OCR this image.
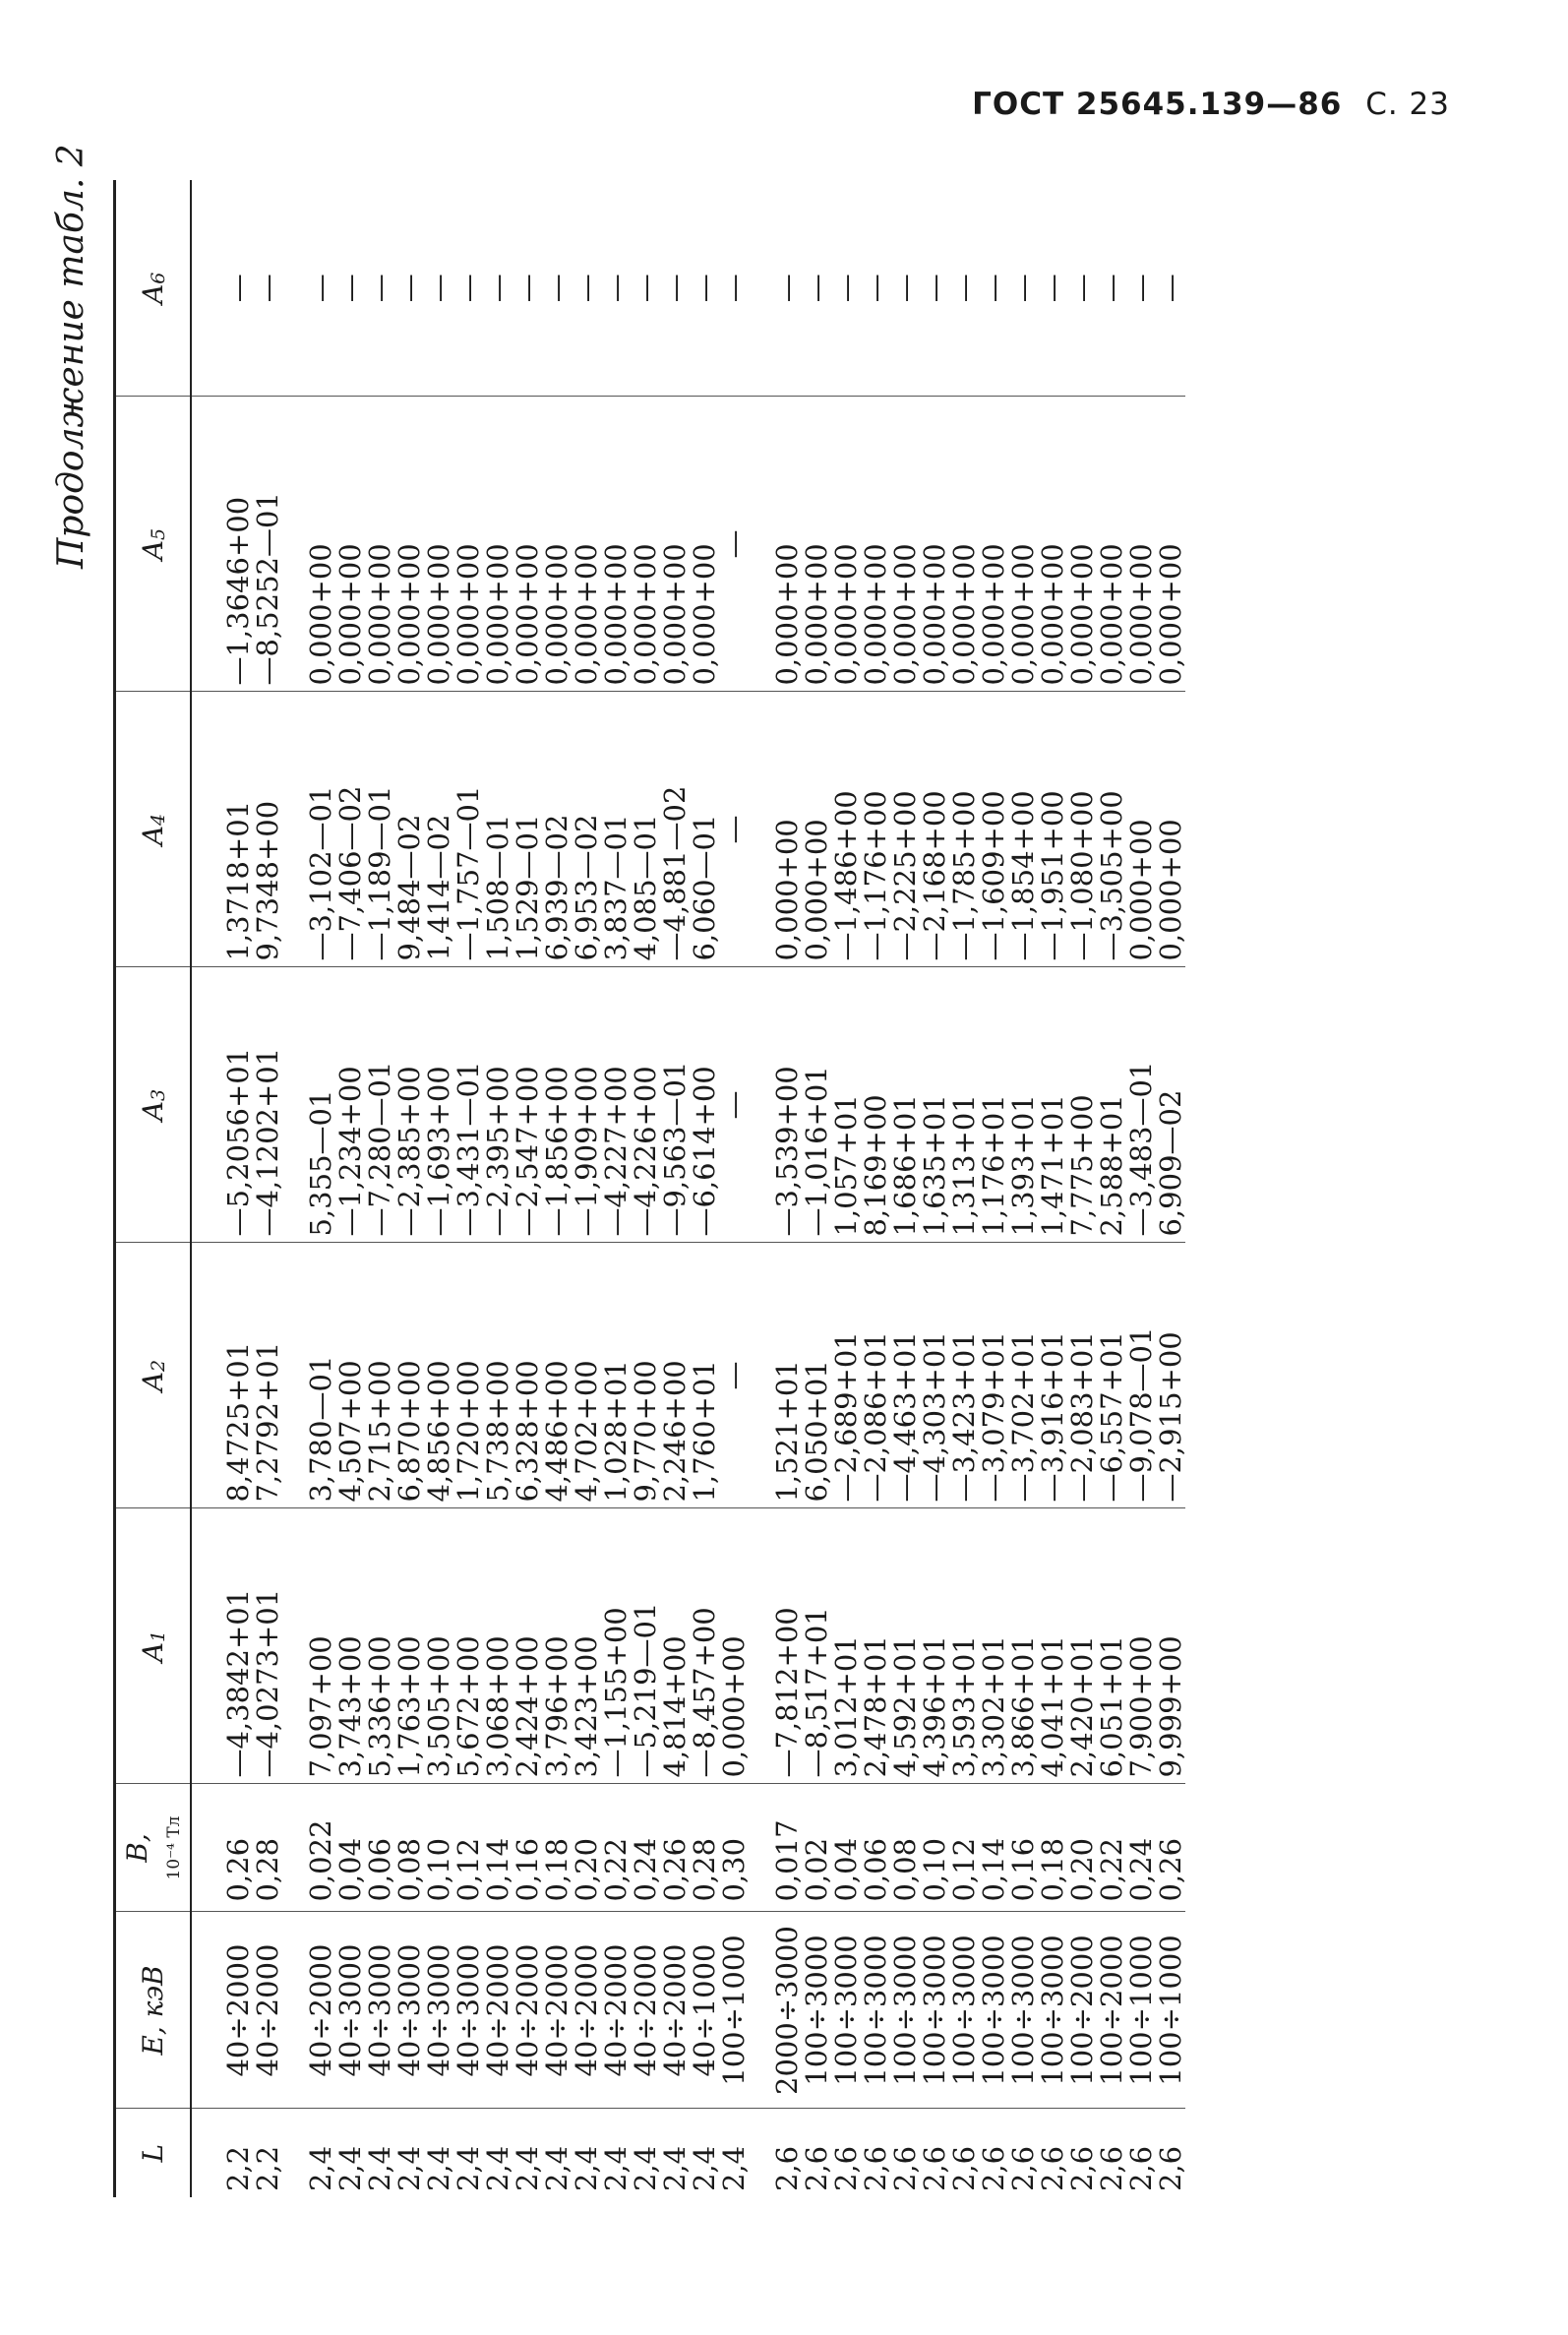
ГОСТ 25645.139—86 С. 23
Продолжение табл. 2
L	E, кэВ	B, 10⁻⁴ Тл	A1	A2	A3	A4	A5	A6

2,2	40÷2000	0,26	—4,3842+01	8,4725+01	—5,2056+01	1,3718+01	—1,3646+00	—
2,2	40÷2000	0,28	—4,0273+01	7,2792+01	—4,1202+01	9,7348+00	—8,5252—01	—

2,4	40÷2000	0,022	7,097+00	3,780—01	5,355—01	—3,102—01	0,000+00	—
2,4	40÷3000	0,04	3,743+00	4,507+00	—1,234+00	—7,406—02	0,000+00	—
2,4	40÷3000	0,06	5,336+00	2,715+00	—7,280—01	—1,189—01	0,000+00	—
2,4	40÷3000	0,08	1,763+00	6,870+00	—2,385+00	9,484—02	0,000+00	—
2,4	40÷3000	0,10	3,505+00	4,856+00	—1,693+00	1,414—02	0,000+00	—
2,4	40÷3000	0,12	5,672+00	1,720+00	—3,431—01	—1,757—01	0,000+00	—
2,4	40÷2000	0,14	3,068+00	5,738+00	—2,395+00	1,508—01	0,000+00	—
2,4	40÷2000	0,16	2,424+00	6,328+00	—2,547+00	1,529—01	0,000+00	—
2,4	40÷2000	0,18	3,796+00	4,486+00	—1,856+00	6,939—02	0,000+00	—
2,4	40÷2000	0,20	3,423+00	4,702+00	—1,909+00	6,953—02	0,000+00	—
2,4	40÷2000	0,22	—1,155+00	1,028+01	—4,227+00	3,837—01	0,000+00	—
2,4	40÷2000	0,24	—5,219—01	9,770+00	—4,226+00	4,085—01	0,000+00	—
2,4	40÷2000	0,26	4,814+00	2,246+00	—9,563—01	—4,881—02	0,000+00	—
2,4	40÷1000	0,28	—8,457+00	1,760+01	—6,614+00	6,060—01	0,000+00	—
2,4	100÷1000	0,30	0,000+00	—	—	—	—	—

2,6	2000÷3000	0,017	—7,812+00	1,521+01	—3,539+00	0,000+00	0,000+00	—
2,6	100÷3000	0,02	—8,517+01	6,050+01	—1,016+01	0,000+00	0,000+00	—
2,6	100÷3000	0,04	3,012+01	—2,689+01	1,057+01	—1,486+00	0,000+00	—
2,6	100÷3000	0,06	2,478+01	—2,086+01	8,169+00	—1,176+00	0,000+00	—
2,6	100÷3000	0,08	4,592+01	—4,463+01	1,686+01	—2,225+00	0,000+00	—
2,6	100÷3000	0,10	4,396+01	—4,303+01	1,635+01	—2,168+00	0,000+00	—
2,6	100÷3000	0,12	3,593+01	—3,423+01	1,313+01	—1,785+00	0,000+00	—
2,6	100÷3000	0,14	3,302+01	—3,079+01	1,176+01	—1,609+00	0,000+00	—
2,6	100÷3000	0,16	3,866+01	—3,702+01	1,393+01	—1,854+00	0,000+00	—
2,6	100÷3000	0,18	4,041+01	—3,916+01	1,471+01	—1,951+00	0,000+00	—
2,6	100÷2000	0,20	2,420+01	—2,083+01	7,775+00	—1,080+00	0,000+00	—
2,6	100÷2000	0,22	6,051+01	—6,557+01	2,588+01	—3,505+00	0,000+00	—
2,6	100÷1000	0,24	7,900+00	—9,078—01	—3,483—01	0,000+00	0,000+00	—
2,6	100÷1000	0,26	9,999+00	—2,915+00	6,909—02	0,000+00	0,000+00	—
